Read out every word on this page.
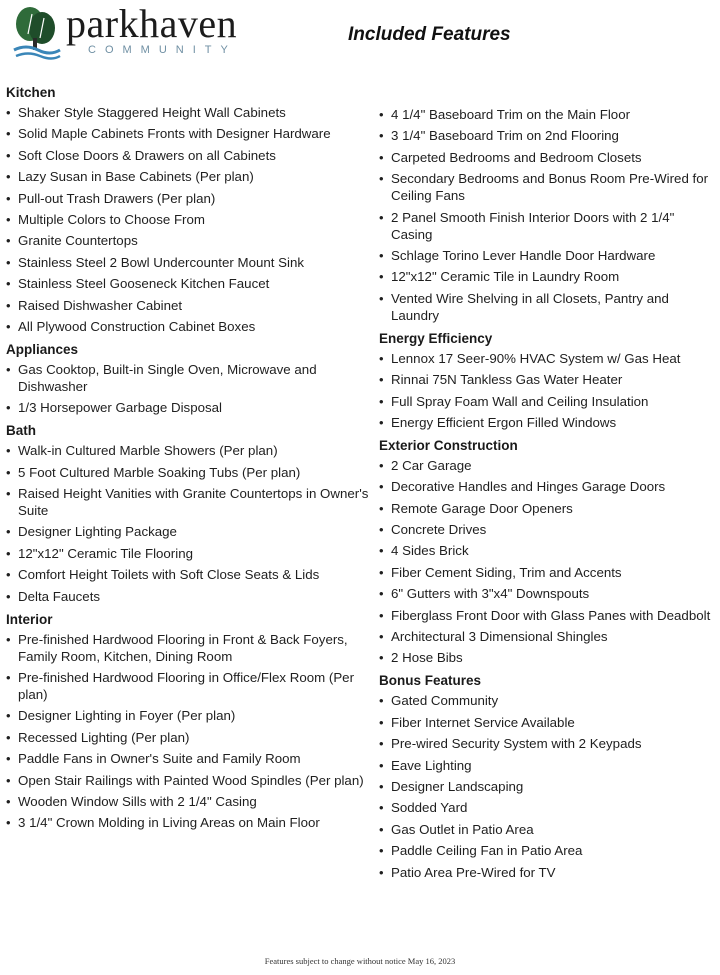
parkhaven
COMMUNITY
Included Features
Kitchen
• Shaker Style Staggered Height Wall Cabinets
• Solid Maple Cabinets Fronts with Designer Hardware
• Soft Close Doors & Drawers on all Cabinets
• Lazy Susan in Base Cabinets (Per plan)
• Pull-out Trash Drawers (Per plan)
• Multiple Colors to Choose From
• Granite Countertops
• Stainless Steel 2 Bowl Undercounter Mount Sink
• Stainless Steel Gooseneck Kitchen Faucet
• Raised Dishwasher Cabinet
• All Plywood Construction Cabinet Boxes
Appliances
• Gas Cooktop, Built-in Single Oven, Microwave and Dishwasher
• 1/3 Horsepower Garbage Disposal
Bath
• Walk-in Cultured Marble Showers (Per plan)
• 5 Foot Cultured Marble Soaking Tubs (Per plan)
• Raised Height Vanities with Granite Countertops in Owner's Suite
• Designer Lighting Package
• 12"x12" Ceramic Tile Flooring
• Comfort Height Toilets with Soft Close Seats & Lids
• Delta Faucets
Interior
• Pre-finished Hardwood Flooring in Front & Back Foyers, Family Room, Kitchen, Dining Room
• Pre-finished Hardwood Flooring in Office/Flex Room (Per plan)
• Designer Lighting in Foyer (Per plan)
• Recessed Lighting (Per plan)
• Paddle Fans in Owner's Suite and Family Room
• Open Stair Railings with Painted Wood Spindles (Per plan)
• Wooden Window Sills with 2 1/4" Casing
• 3 1/4" Crown Molding in Living Areas on Main Floor
• 4 1/4" Baseboard Trim on the Main Floor
• 3 1/4" Baseboard Trim on 2nd Flooring
• Carpeted Bedrooms and Bedroom Closets
• Secondary Bedrooms and Bonus Room Pre-Wired for Ceiling Fans
• 2 Panel Smooth Finish Interior Doors with 2 1/4" Casing
• Schlage Torino Lever Handle Door Hardware
• 12"x12" Ceramic Tile in Laundry Room
• Vented Wire Shelving in all Closets, Pantry and Laundry
Energy Efficiency
• Lennox 17 Seer-90% HVAC System w/ Gas Heat
• Rinnai 75N Tankless Gas Water Heater
• Full Spray Foam Wall and Ceiling Insulation
• Energy Efficient Ergon Filled Windows
Exterior Construction
• 2 Car Garage
• Decorative Handles and Hinges Garage Doors
• Remote Garage Door Openers
• Concrete Drives
• 4 Sides Brick
• Fiber Cement Siding, Trim and Accents
• 6" Gutters with 3"x4" Downspouts
• Fiberglass Front Door with Glass Panes with Deadbolt
• Architectural 3 Dimensional Shingles
• 2 Hose Bibs
Bonus Features
• Gated Community
• Fiber Internet Service Available
• Pre-wired Security System with 2 Keypads
• Eave Lighting
• Designer Landscaping
• Sodded Yard
• Gas Outlet in Patio Area
• Paddle Ceiling Fan in Patio Area
• Patio Area Pre-Wired for TV
Features subject to change without notice May 16, 2023
